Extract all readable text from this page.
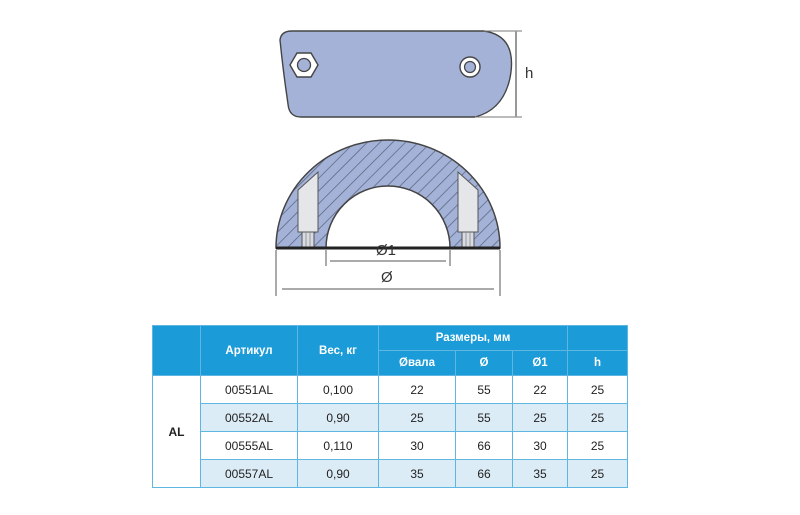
h
Ø1
Ø
	Артикул	Вес, кг	Размеры, мм			
			Øвала	Ø	Ø1	h
AL	00551AL	0,100	22	55	22	25
	00552AL	0,90	25	55	25	25
	00555AL	0,110	30	66	30	25
	00557AL	0,90	35	66	35	25
